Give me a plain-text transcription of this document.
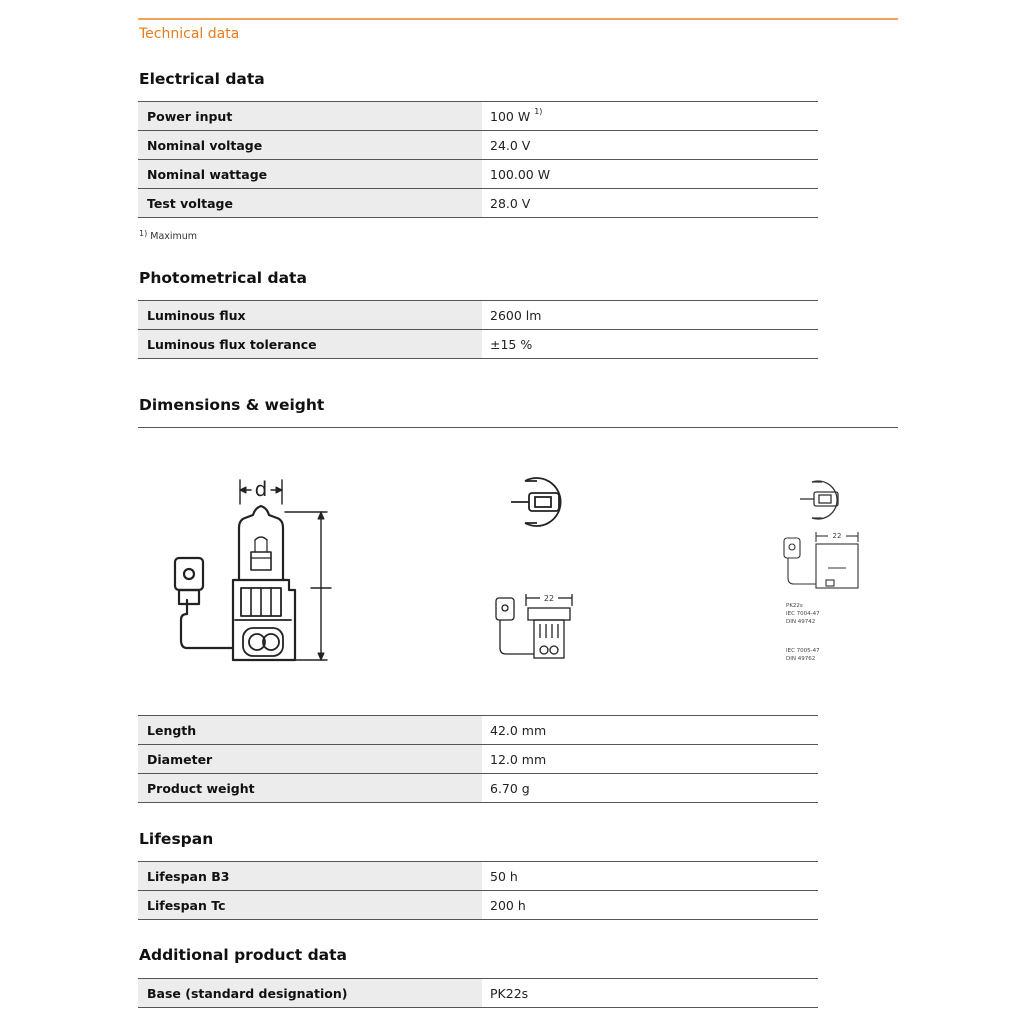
Technical data
Electrical data
Power input	100 W $^{1)}$
Nominal voltage	24.0 V
Nominal wattage	100.00 W
Test voltage	28.0 V
$^{1)}$ Maximum
Photometrical data
Luminous flux	2600 lm
Luminous flux tolerance	±15 %
Dimensions & weight
d
22
22
PK22s
IEC 7004-47
DIN 49742
IEC 7005-47
DIN 49762
Length	42.0 mm
Diameter	12.0 mm
Product weight	6.70 g
Lifespan
Lifespan B3	50 h
Lifespan Tc	200 h
Additional product data
Base (standard designation)	PK22s
